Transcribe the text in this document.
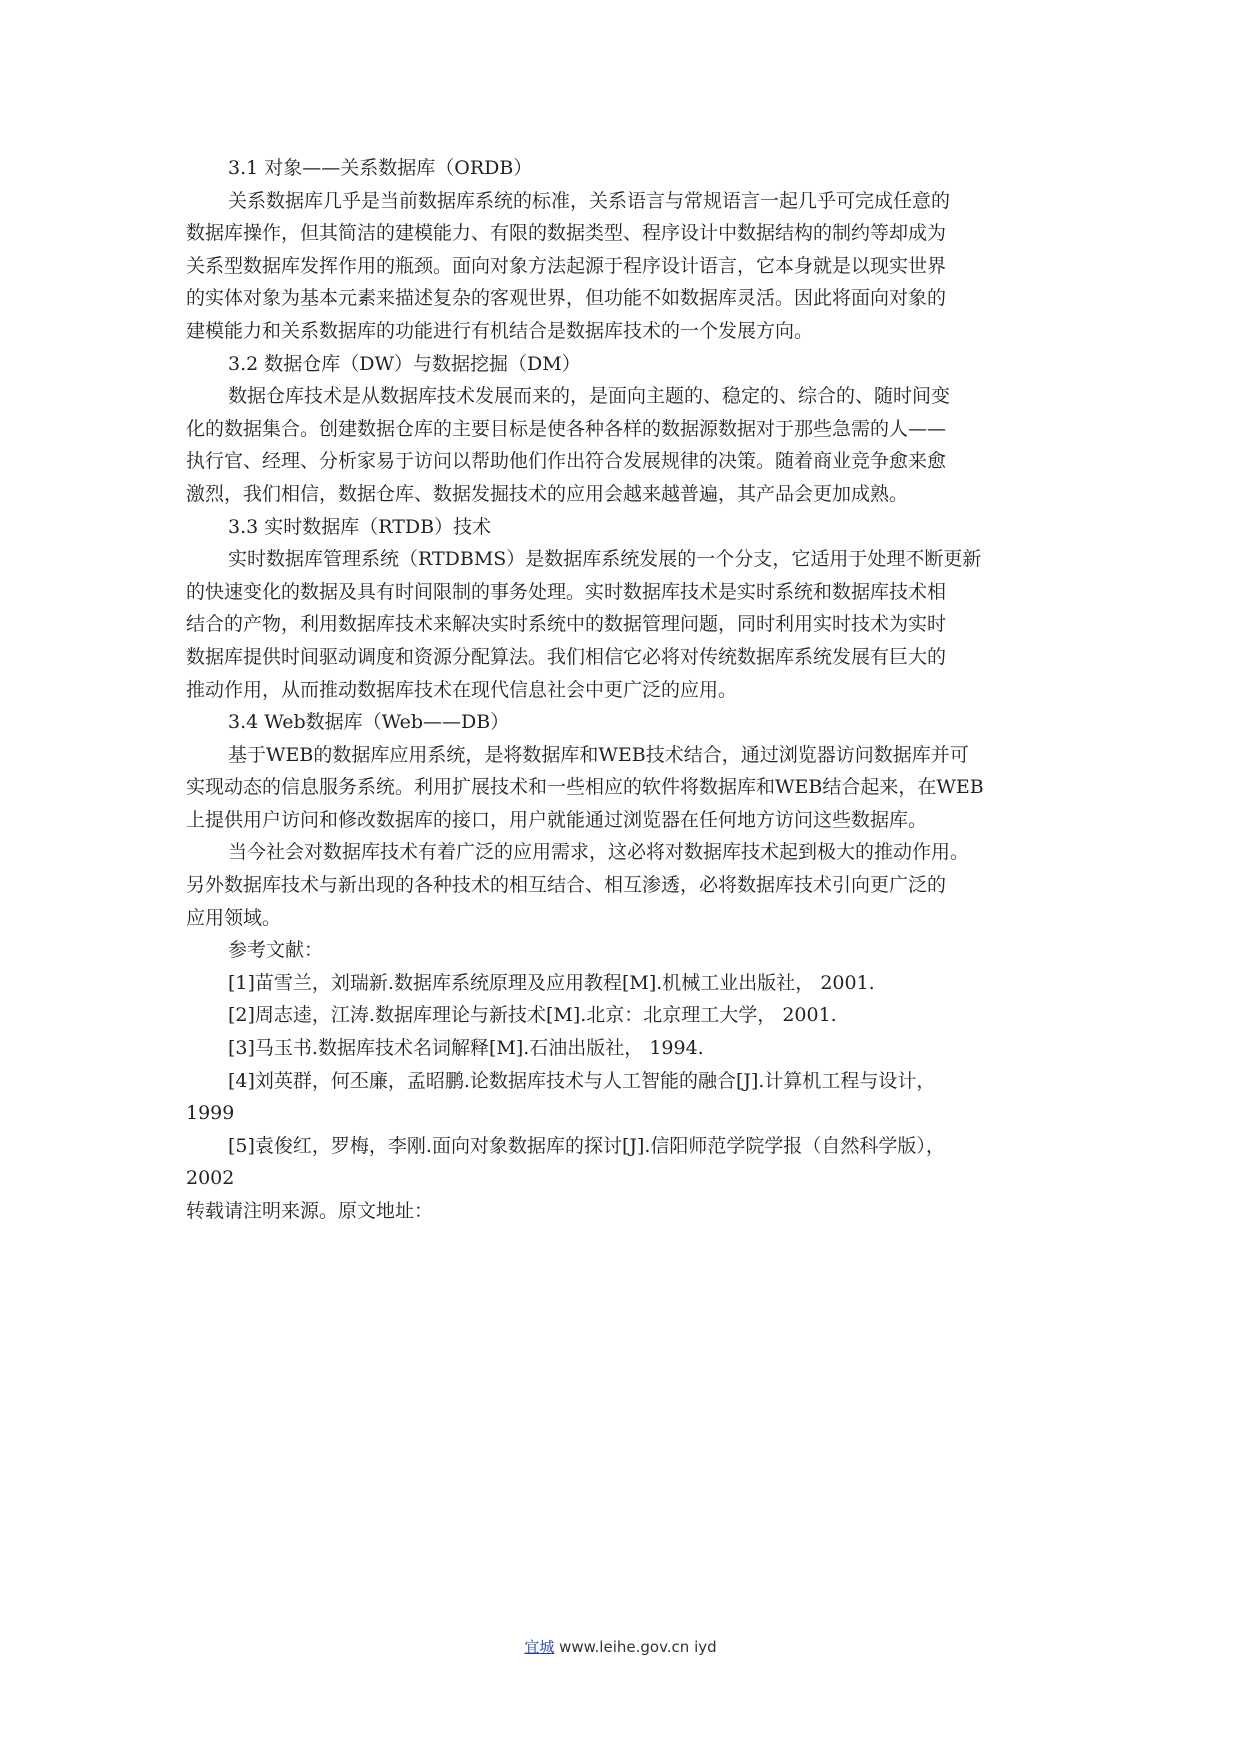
3.1 对象——关系数据库（ORDB）

关系数据库几乎是当前数据库系统的标准，关系语言与常规语言一起几乎可完成任意的

数据库操作，但其简洁的建模能力、有限的数据类型、程序设计中数据结构的制约等却成为

关系型数据库发挥作用的瓶颈。面向对象方法起源于程序设计语言，它本身就是以现实世界

的实体对象为基本元素来描述复杂的客观世界，但功能不如数据库灵活。因此将面向对象的

建模能力和关系数据库的功能进行有机结合是数据库技术的一个发展方向。

3.2 数据仓库（DW）与数据挖掘（DM）

数据仓库技术是从数据库技术发展而来的，是面向主题的、稳定的、综合的、随时间变

化的数据集合。创建数据仓库的主要目标是使各种各样的数据源数据对于那些急需的人——

执行官、经理、分析家易于访问以帮助他们作出符合发展规律的决策。随着商业竞争愈来愈

激烈，我们相信，数据仓库、数据发掘技术的应用会越来越普遍，其产品会更加成熟。

3.3 实时数据库（RTDB）技术

实时数据库管理系统（RTDBMS）是数据库系统发展的一个分支，它适用于处理不断更新

的快速变化的数据及具有时间限制的事务处理。实时数据库技术是实时系统和数据库技术相

结合的产物，利用数据库技术来解决实时系统中的数据管理问题，同时利用实时技术为实时

数据库提供时间驱动调度和资源分配算法。我们相信它必将对传统数据库系统发展有巨大的

推动作用，从而推动数据库技术在现代信息社会中更广泛的应用。

3.4 Web数据库（Web——DB）

基于WEB的数据库应用系统，是将数据库和WEB技术结合，通过浏览器访问数据库并可

实现动态的信息服务系统。利用扩展技术和一些相应的软件将数据库和WEB结合起来，在WEB

上提供用户访问和修改数据库的接口，用户就能通过浏览器在任何地方访问这些数据库。

当今社会对数据库技术有着广泛的应用需求，这必将对数据库技术起到极大的推动作用。

另外数据库技术与新出现的各种技术的相互结合、相互渗透，必将数据库技术引向更广泛的

应用领域。

参考文献：

[1]苗雪兰，刘瑞新.数据库系统原理及应用教程[M].机械工业出版社， 2001.

[2]周志逵，江涛.数据库理论与新技术[M].北京：北京理工大学， 2001.

[3]马玉书.数据库技术名词解释[M].石油出版社， 1994.

[4]刘英群，何丕廉，孟昭鹏.论数据库技术与人工智能的融合[J].计算机工程与设计，

1999

[5]袁俊红，罗梅，李刚.面向对象数据库的探讨[J].信阳师范学院学报（自然科学版），

2002

转载请注明来源。原文地址：

宜城 www.leihe.gov.cn iyd
